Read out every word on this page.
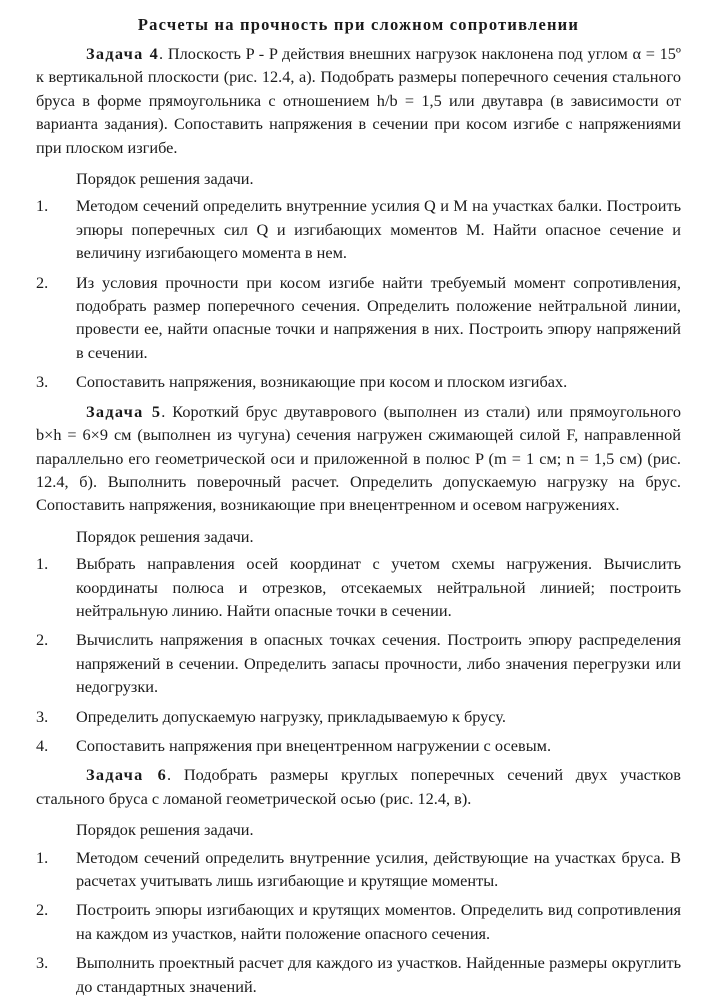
Расчеты на прочность при сложном сопротивлении

Задача 4. Плоскость P - P действия внешних нагрузок наклонена под углом α = 15º к вертикальной плоскости (рис. 12.4, а). Подобрать размеры поперечного сечения стального бруса в форме прямоугольника с отношением h/b = 1,5 или двутавра (в зависимости от варианта задания). Сопоставить напряжения в сечении при косом изгибе с напряжениями при плоском изгибе.

Порядок решения задачи.

1.	Методом сечений определить внутренние усилия Q и M на участках балки. Построить эпюры поперечных сил Q и изгибающих моментов M. Найти опасное сечение и величину изгибающего момента в нем.

2.	Из условия прочности при косом изгибе найти требуемый момент сопротивления, подобрать размер поперечного сечения. Определить положение нейтральной линии, провести ее, найти опасные точки и напряжения в них. Построить эпюру напряжений в сечении.

3.	Сопоставить напряжения, возникающие при косом и плоском изгибах.

Задача 5. Короткий брус двутаврового (выполнен из стали) или прямоугольного b×h = 6×9 см (выполнен из чугуна) сечения нагружен сжимающей силой F, направленной параллельно его геометрической оси и приложенной в полюс P (m = 1 см; n = 1,5 см) (рис. 12.4, б). Выполнить поверочный расчет. Определить допускаемую нагрузку на брус. Сопоставить напряжения, возникающие при внецентренном и осевом нагружениях.

Порядок решения задачи.

1.	Выбрать направления осей координат с учетом схемы нагружения. Вычислить координаты полюса и отрезков, отсекаемых нейтральной линией; построить нейтральную линию. Найти опасные точки в сечении.

2.	Вычислить напряжения в опасных точках сечения. Построить эпюру распределения напряжений в сечении. Определить запасы прочности, либо значения перегрузки или недогрузки.

3.	Определить допускаемую нагрузку, прикладываемую к брусу.

4.	Сопоставить напряжения при внецентренном нагружении с осевым.

Задача 6. Подобрать размеры круглых поперечных сечений двух участков стального бруса с ломаной геометрической осью (рис. 12.4, в).

Порядок решения задачи.

1.	Методом сечений определить внутренние усилия, действующие на участках бруса. В расчетах учитывать лишь изгибающие и крутящие моменты.

2.	Построить эпюры изгибающих и крутящих моментов. Определить вид сопротивления на каждом из участков, найти положение опасного сечения.

3.	Выполнить проектный расчет для каждого из участков. Найденные размеры округлить до стандартных значений.
